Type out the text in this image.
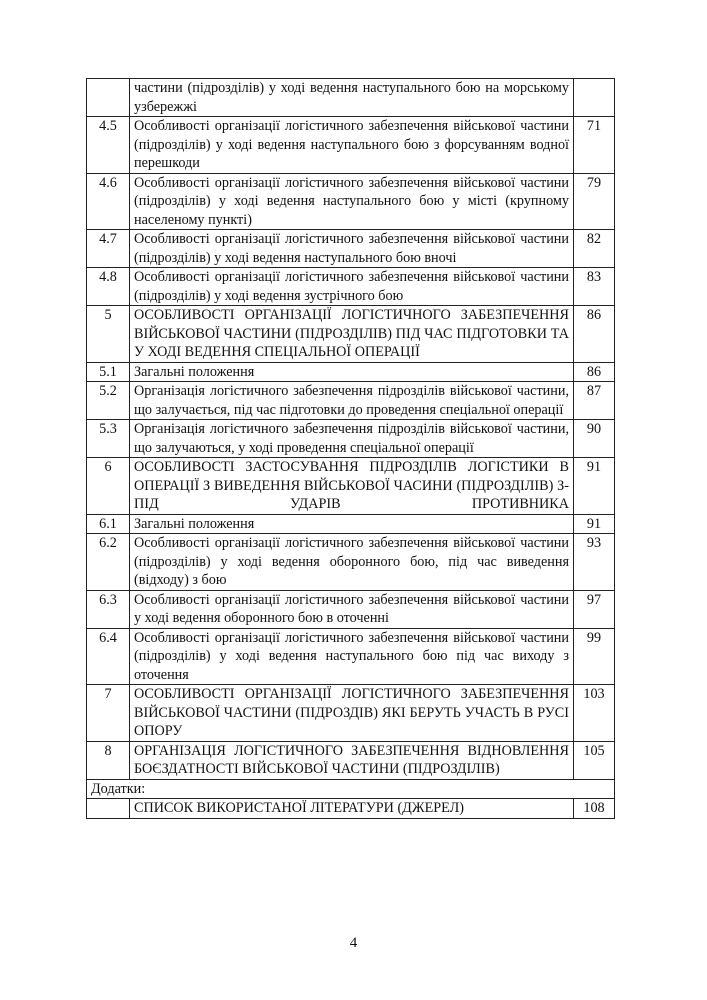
	частини (підрозділів) у ході ведення наступального бою на морському узбережжі	
4.5	Особливості організації логістичного забезпечення військової частини (підрозділів) у ході ведення наступального бою з форсуванням водної перешкоди	71
4.6	Особливості організації логістичного забезпечення військової частини (підрозділів) у ході ведення наступального бою у місті (крупному населеному пункті)	79
4.7	Особливості організації логістичного забезпечення військової частини (підрозділів) у ході ведення наступального бою вночі	82
4.8	Особливості організації логістичного забезпечення військової частини (підрозділів) у ході ведення зустрічного бою	83
5	ОСОБЛИВОСТІ ОРГАНІЗАЦІЇ ЛОГІСТИЧНОГО ЗАБЕЗПЕЧЕННЯ ВІЙСЬКОВОЇ ЧАСТИНИ (ПІДРОЗДІЛІВ) ПІД ЧАС ПІДГОТОВКИ ТА У ХОДІ ВЕДЕННЯ СПЕЦІАЛЬНОЇ ОПЕРАЦІЇ	86
5.1	Загальні положення	86
5.2	Організація логістичного забезпечення підрозділів військової частини, що залучається, під час підготовки до проведення спеціальної операції	87
5.3	Організація логістичного забезпечення підрозділів військової частини, що залучаються, у ході проведення спеціальної операції	90
6	ОСОБЛИВОСТІ ЗАСТОСУВАННЯ ПІДРОЗДІЛІВ ЛОГІСТИКИ В ОПЕРАЦІЇ З ВИВЕДЕННЯ ВІЙСЬКОВОЇ ЧАСИНИ (ПІДРОЗДІЛІВ) З-ПІД УДАРІВ ПРОТИВНИКА	91
6.1	Загальні положення	91
6.2	Особливості організації логістичного забезпечення військової частини (підрозділів) у ході ведення оборонного бою, під час виведення (відходу) з бою	93
6.3	Особливості організації логістичного забезпечення військової частини у ході ведення оборонного бою в оточенні	97
6.4	Особливості організації логістичного забезпечення військової частини (підрозділів) у ході ведення наступального бою під час виходу з оточення	99
7	ОСОБЛИВОСТІ ОРГАНІЗАЦІЇ ЛОГІСТИЧНОГО ЗАБЕЗПЕЧЕННЯ ВІЙСЬКОВОЇ ЧАСТИНИ (ПІДРОЗДІВ) ЯКІ БЕРУТЬ УЧАСТЬ В РУСІ ОПОРУ	103
8	ОРГАНІЗАЦІЯ ЛОГІСТИЧНОГО ЗАБЕЗПЕЧЕННЯ ВІДНОВЛЕННЯ БОЄЗДАТНОСТІ ВІЙСЬКОВОЇ ЧАСТИНИ (ПІДРОЗДІЛІВ)	105
Додатки:		
	СПИСОК ВИКОРИСТАНОЇ ЛІТЕРАТУРИ (ДЖЕРЕЛ)	108
4
